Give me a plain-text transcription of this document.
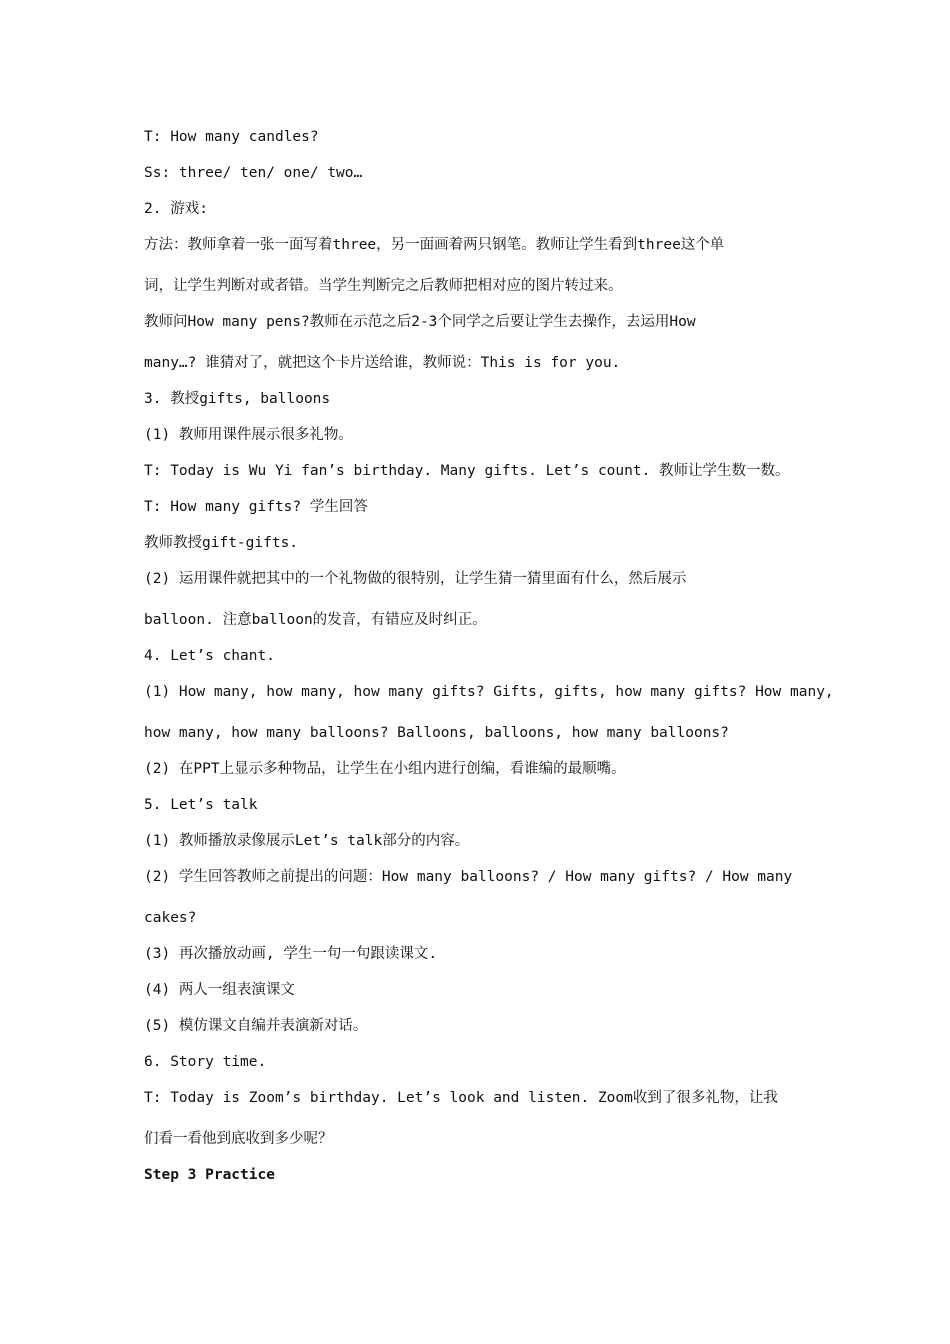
T: How many candles?
Ss: three/ ten/ one/ two…
2. 游戏:
方法：教师拿着一张一面写着three，另一面画着两只钢笔。教师让学生看到three这个单
词，让学生判断对或者错。当学生判断完之后教师把相对应的图片转过来。
教师问How many pens?教师在示范之后2-3个同学之后要让学生去操作，去运用How
many…? 谁猜对了，就把这个卡片送给谁，教师说：This is for you.
3. 教授gifts, balloons
(1) 教师用课件展示很多礼物。
T: Today is Wu Yi fan’s birthday. Many gifts. Let’s count. 教师让学生数一数。
T: How many gifts? 学生回答
教师教授gift-gifts.
(2) 运用课件就把其中的一个礼物做的很特别，让学生猜一猜里面有什么，然后展示
balloon. 注意balloon的发音，有错应及时纠正。
4. Let’s chant.
(1) How many, how many, how many gifts? Gifts, gifts, how many gifts? How many,
how many, how many balloons? Balloons, balloons, how many balloons?
(2) 在PPT上显示多种物品，让学生在小组内进行创编，看谁编的最顺嘴。
5. Let’s talk
(1) 教师播放录像展示Let’s talk部分的内容。
(2) 学生回答教师之前提出的问题：How many balloons? / How many gifts? / How many
cakes?
(3) 再次播放动画, 学生一句一句跟读课文.
(4) 两人一组表演课文
(5) 模仿课文自编并表演新对话。
6. Story time.
T: Today is Zoom’s birthday. Let’s look and listen. Zoom收到了很多礼物，让我
们看一看他到底收到多少呢？
Step 3 Practice
